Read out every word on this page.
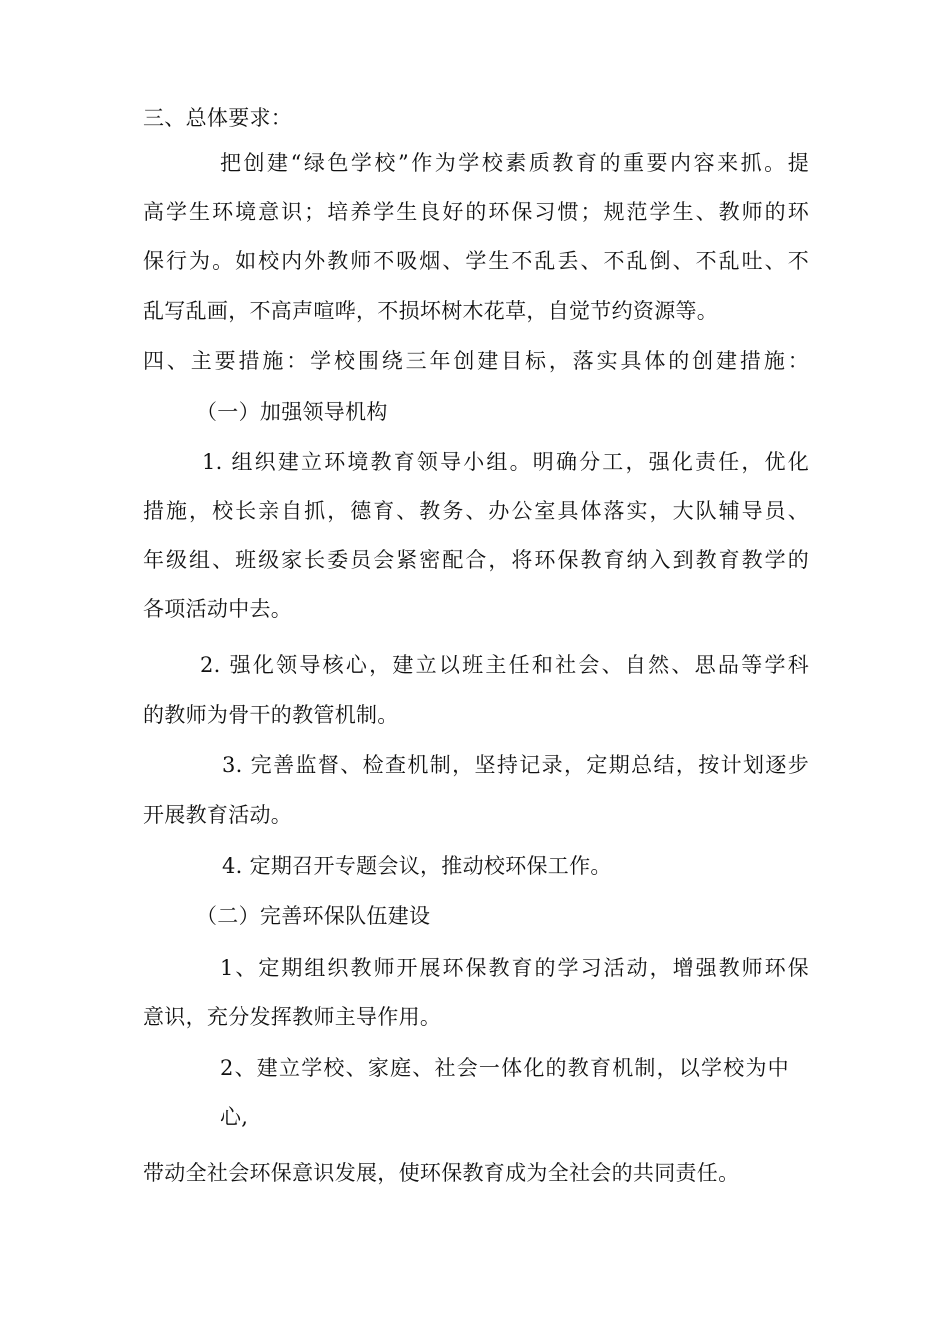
三、总体要求：
把创建“绿色学校”作为学校素质教育的重要内容来抓。提
高学生环境意识；培养学生良好的环保习惯；规范学生、教师的环
保行为。如校内外教师不吸烟、学生不乱丢、不乱倒、不乱吐、不
乱写乱画，不高声喧哗，不损坏树木花草，自觉节约资源等。
四、主要措施：学校围绕三年创建目标，落实具体的创建措施：
（一）加强领导机构
1. 组织建立环境教育领导小组。明确分工，强化责任，优化
措施，校长亲自抓，德育、教务、办公室具体落实，大队辅导员、
年级组、班级家长委员会紧密配合，将环保教育纳入到教育教学的
各项活动中去。
2. 强化领导核心，建立以班主任和社会、自然、思品等学科
的教师为骨干的教管机制。
3. 完善监督、检查机制，坚持记录，定期总结，按计划逐步
开展教育活动。
4. 定期召开专题会议，推动校环保工作。
（二）完善环保队伍建设
1、定期组织教师开展环保教育的学习活动，增强教师环保
意识，充分发挥教师主导作用。
2、建立学校、家庭、社会一体化的教育机制，以学校为中
心,
带动全社会环保意识发展，使环保教育成为全社会的共同责任。
